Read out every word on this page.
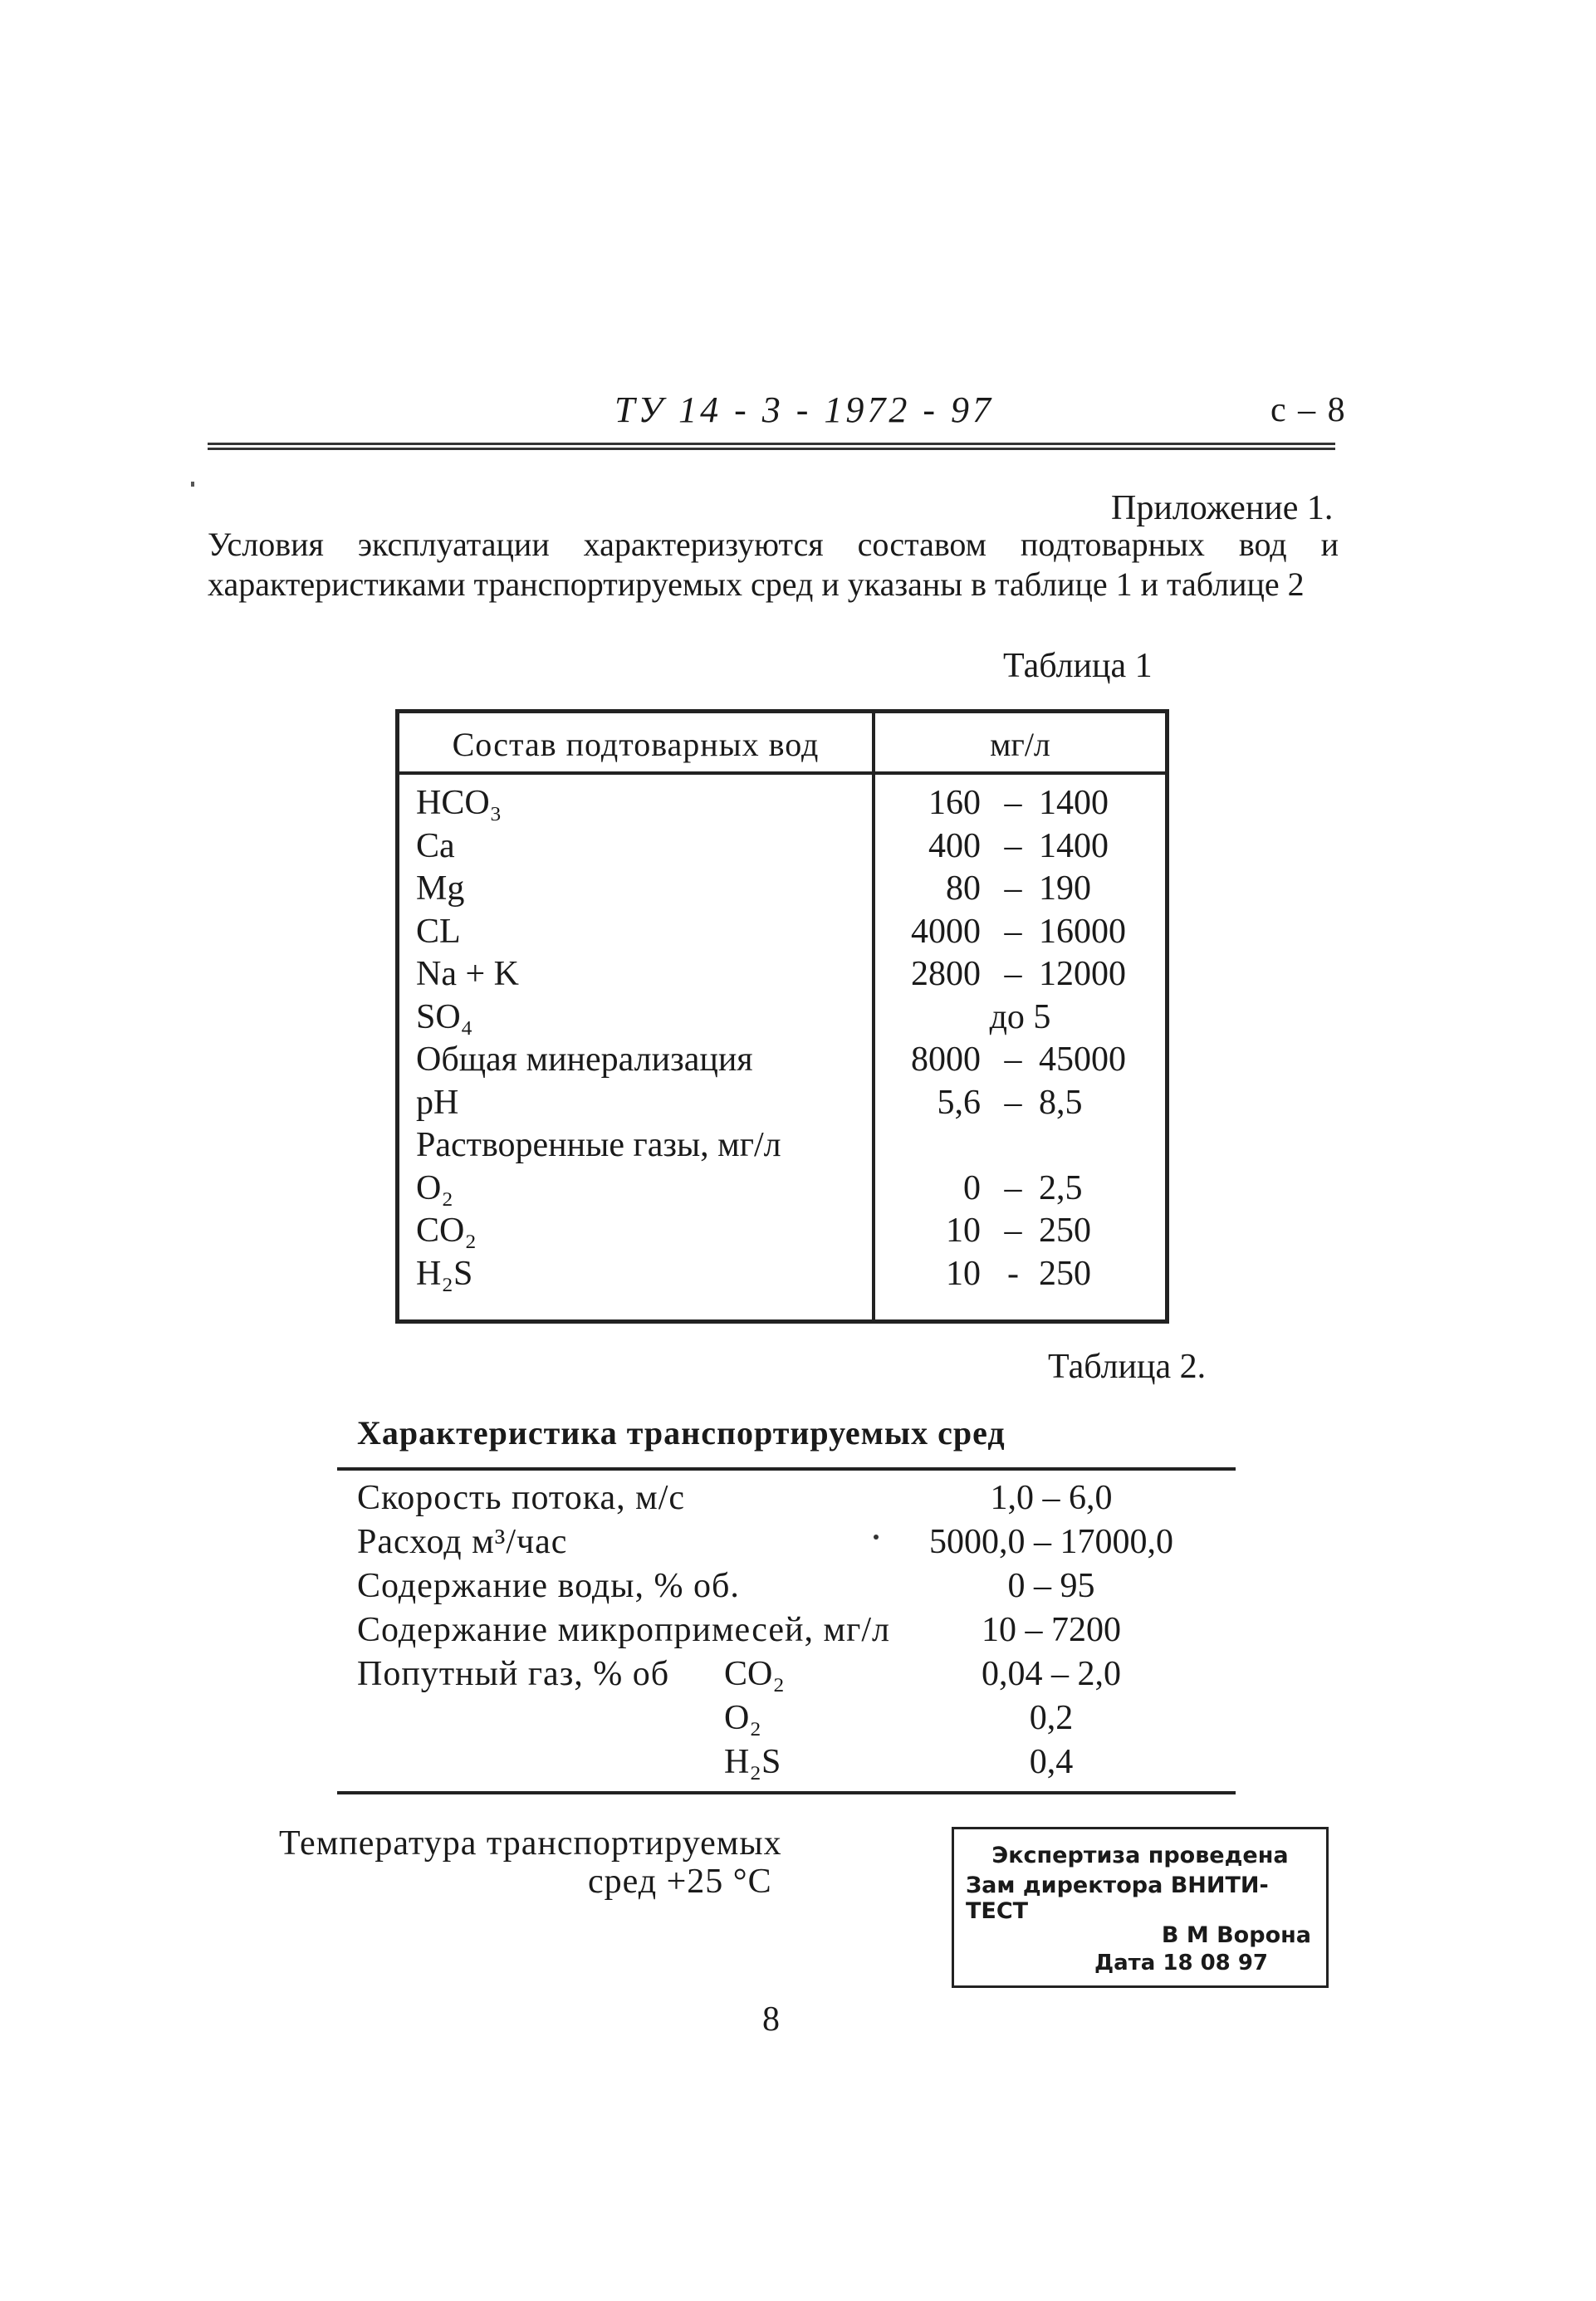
ТУ 14 - 3 - 1972 - 97	с – 8
Приложение 1.
Условия эксплуатации характеризуются составом подтоварных вод и характеристиками транспортируемых сред и указаны в таблице 1 и таблице 2
Таблица 1
Состав подтоварных вод	мг/л
HCO₃	160 – 1400
Ca	400 – 1400
Mg	80 – 190
CL	4000 – 16000
Na + K	2800 – 12000
SO₄	до 5
Общая минерализация	8000 – 45000
pH	5,6 – 8,5
Растворенные газы, мг/л
O₂	0 – 2,5
CO₂	10 – 250
H₂S	10 - 250
Таблица 2.
Характеристика транспортируемых сред
Скорость потока, м/с	1,0 – 6,0
Расход м³/час	5000,0 – 17000,0
Содержание воды, % об.	0 – 95
Содержание микропримесей, мг/л	10 – 7200
Попутный газ, % об CO₂	0,04 – 2,0
O₂	0,2
H₂S	0,4
Температура транспортируемых
сред +25 °С
Экспертиза проведена
Зам директора ВНИТИ-ТЕСТ
В М Ворона
Дата 18 08 97
8
